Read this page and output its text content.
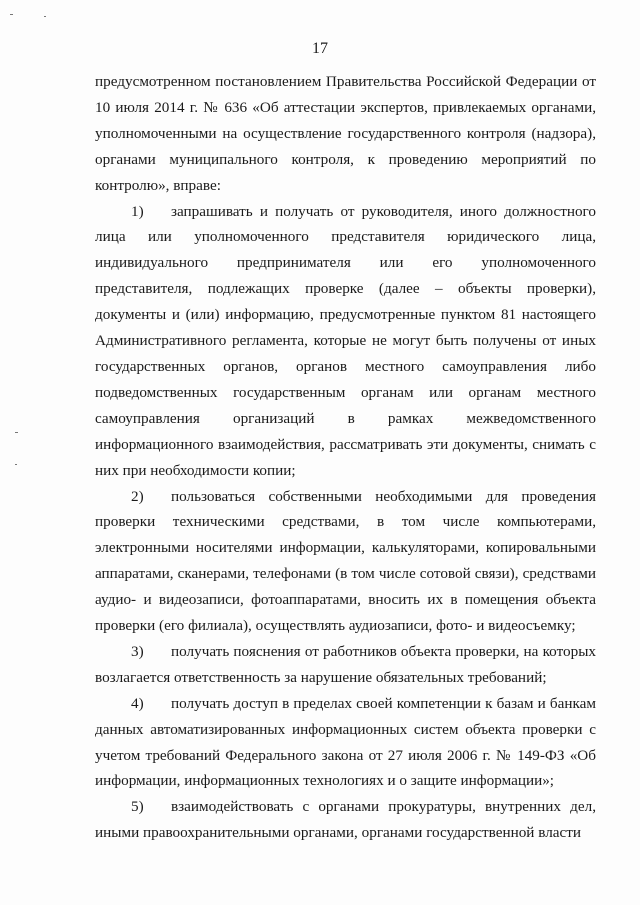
17

предусмотренном постановлением Правительства Российской Федерации от 10 июля 2014 г. № 636 «Об аттестации экспертов, привлекаемых органами, уполномоченными на осуществление государственного контроля (надзора), органами муниципального контроля, к проведению мероприятий по контролю», вправе:

1) запрашивать и получать от руководителя, иного должностного лица или уполномоченного представителя юридического лица, индивидуального предпринимателя или его уполномоченного представителя, подлежащих проверке (далее – объекты проверки), документы и (или) информацию, предусмотренные пунктом 81 настоящего Административного регламента, которые не могут быть получены от иных государственных органов, органов местного самоуправления либо подведомственных государственным органам или органам местного самоуправления организаций в рамках межведомственного информационного взаимодействия, рассматривать эти документы, снимать с них при необходимости копии;

2) пользоваться собственными необходимыми для проведения проверки техническими средствами, в том числе компьютерами, электронными носителями информации, калькуляторами, копировальными аппаратами, сканерами, телефонами (в том числе сотовой связи), средствами аудио- и видеозаписи, фотоаппаратами, вносить их в помещения объекта проверки (его филиала), осуществлять аудиозаписи, фото- и видеосъемку;

3) получать пояснения от работников объекта проверки, на которых возлагается ответственность за нарушение обязательных требований;

4) получать доступ в пределах своей компетенции к базам и банкам данных автоматизированных информационных систем объекта проверки с учетом требований Федерального закона от 27 июля 2006 г. № 149-ФЗ «Об информации, информационных технологиях и о защите информации»;

5) взаимодействовать с органами прокуратуры, внутренних дел, иными правоохранительными органами, органами государственной власти
